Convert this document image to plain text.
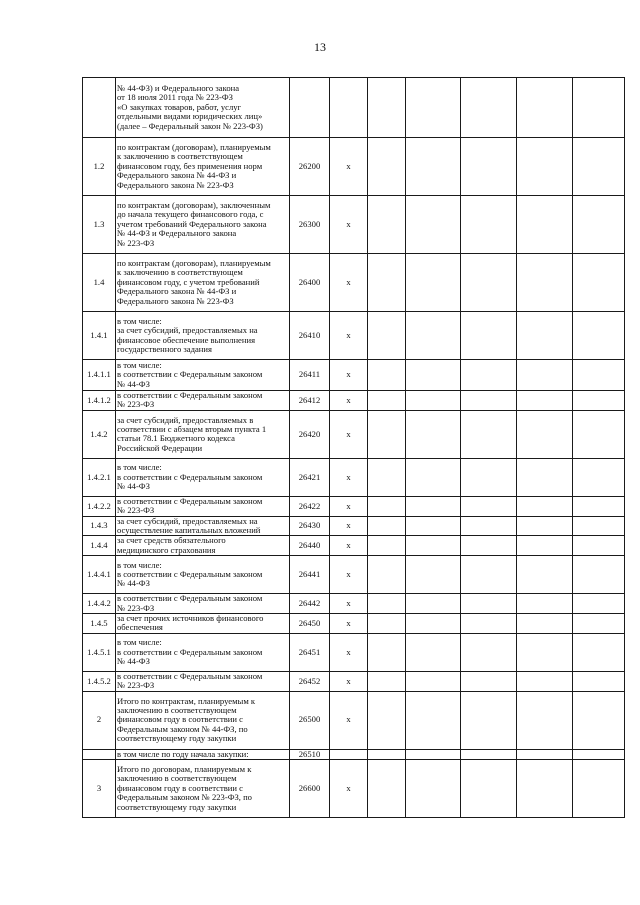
13
	№ 44-ФЗ) и Федерального закона
от 18 июля 2011 года № 223-ФЗ
«О закупках товаров, работ, услуг
отдельными видами юридических лиц»
(далее – Федеральный закон № 223-ФЗ)							
1.2	по контрактам (договорам), планируемым
к заключению в соответствующем
финансовом году, без применения норм
Федерального закона № 44-ФЗ и
Федерального закона № 223-ФЗ	26200	х					
1.3	по контрактам (договорам), заключенным
до начала текущего финансового года, с
учетом требований Федерального закона
№ 44-ФЗ и Федерального закона
№ 223-ФЗ	26300	х					
1.4	по контрактам (договорам), планируемым
к заключению в соответствующем
финансовом году, с учетом требований
Федерального закона № 44-ФЗ и
Федерального закона № 223-ФЗ	26400	х					
1.4.1	в том числе:
за счет субсидий, предоставляемых на
финансовое обеспечение выполнения
государственного задания	26410	х					
1.4.1.1	в том числе:
в соответствии с Федеральным законом
№ 44-ФЗ	26411	х					
1.4.1.2	в соответствии с Федеральным законом
№ 223-ФЗ	26412	х					
1.4.2	за счет субсидий, предоставляемых в
соответствии с абзацем вторым пункта 1
статьи 78.1 Бюджетного кодекса
Российской Федерации	26420	х					
1.4.2.1	в том числе:
в соответствии с Федеральным законом
№ 44-ФЗ	26421	х					
1.4.2.2	в соответствии с Федеральным законом
№ 223-ФЗ	26422	х					
1.4.3	за счет субсидий, предоставляемых на
осуществление капитальных вложений	26430	х					
1.4.4	за счет средств обязательного
медицинского страхования	26440	х					
1.4.4.1	в том числе:
в соответствии с Федеральным законом
№ 44-ФЗ	26441	х					
1.4.4.2	в соответствии с Федеральным законом
№ 223-ФЗ	26442	х					
1.4.5	за счет прочих источников финансового
обеспечения	26450	х					
1.4.5.1	в том числе:
в соответствии с Федеральным законом
№ 44-ФЗ	26451	х					
1.4.5.2	в соответствии с Федеральным законом
№ 223-ФЗ	26452	х					
2	Итого по контрактам, планируемым к
заключению в соответствующем
финансовом году в соответствии с
Федеральным законом № 44-ФЗ, по
соответствующему году закупки	26500	х					
	в том числе по году начала закупки:	26510						
3	Итого по договорам, планируемым к
заключению в соответствующем
финансовом году в соответствии с
Федеральным законом № 223-ФЗ, по
соответствующему году закупки	26600	х					
